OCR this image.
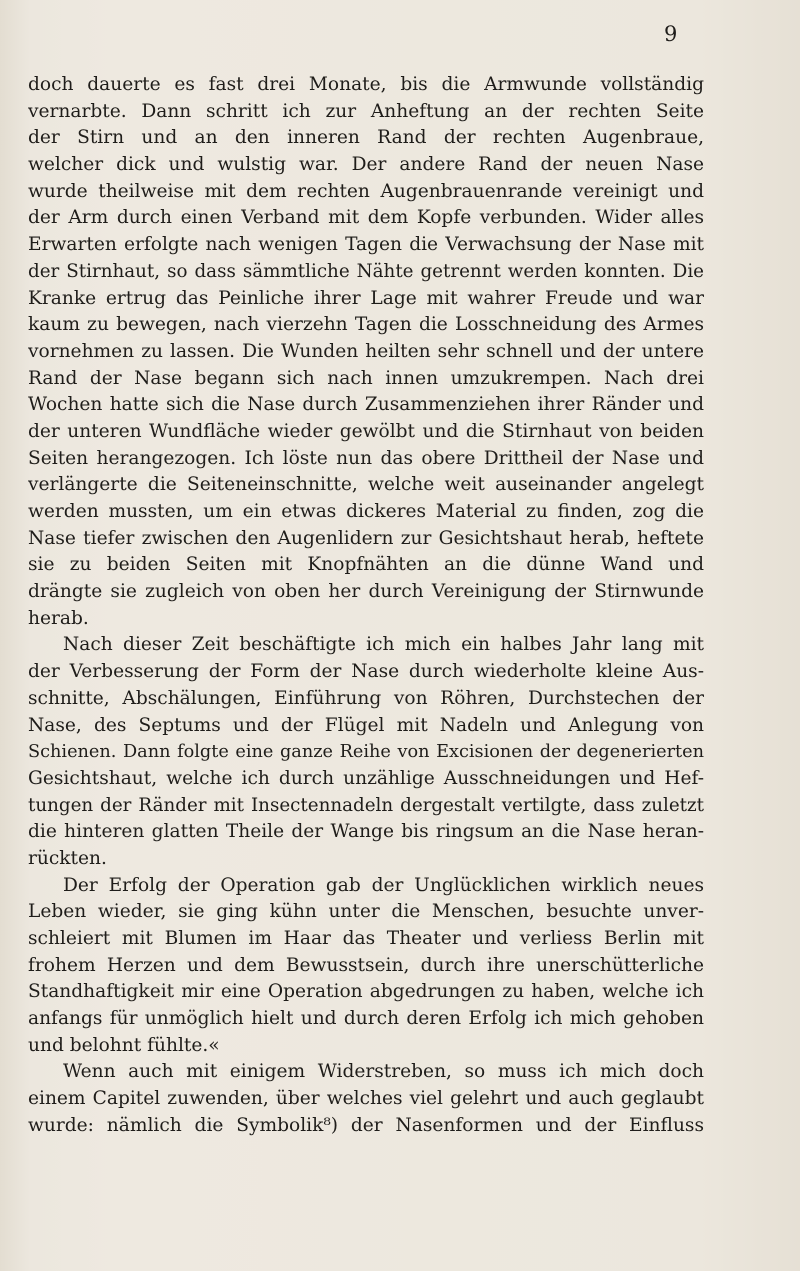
9
doch dauerte es fast drei Monate, bis die Armwunde vollständig
vernarbte. Dann schritt ich zur Anheftung an der rechten Seite
der Stirn und an den inneren Rand der rechten Augenbraue,
welcher dick und wulstig war. Der andere Rand der neuen Nase
wurde theilweise mit dem rechten Augenbrauenrande vereinigt und
der Arm durch einen Verband mit dem Kopfe verbunden. Wider alles
Erwarten erfolgte nach wenigen Tagen die Verwachsung der Nase mit
der Stirnhaut, so dass sämmtliche Nähte getrennt werden konnten. Die
Kranke ertrug das Peinliche ihrer Lage mit wahrer Freude und war
kaum zu bewegen, nach vierzehn Tagen die Losschneidung des Armes
vornehmen zu lassen. Die Wunden heilten sehr schnell und der untere
Rand der Nase begann sich nach innen umzukrempen. Nach drei
Wochen hatte sich die Nase durch Zusammenziehen ihrer Ränder und
der unteren Wundfläche wieder gewölbt und die Stirnhaut von beiden
Seiten herangezogen. Ich löste nun das obere Drittheil der Nase und
verlängerte die Seiteneinschnitte, welche weit auseinander angelegt
werden mussten, um ein etwas dickeres Material zu finden, zog die
Nase tiefer zwischen den Augenlidern zur Gesichtshaut herab, heftete
sie zu beiden Seiten mit Knopfnähten an die dünne Wand und
drängte sie zugleich von oben her durch Vereinigung der Stirnwunde
herab.
Nach dieser Zeit beschäftigte ich mich ein halbes Jahr lang mit
der Verbesserung der Form der Nase durch wiederholte kleine Aus-
schnitte, Abschälungen, Einführung von Röhren, Durchstechen der
Nase, des Septums und der Flügel mit Nadeln und Anlegung von
Schienen. Dann folgte eine ganze Reihe von Excisionen der degenerierten
Gesichtshaut, welche ich durch unzählige Ausschneidungen und Hef-
tungen der Ränder mit Insectennadeln dergestalt vertilgte, dass zuletzt
die hinteren glatten Theile der Wange bis ringsum an die Nase heran-
rückten.
Der Erfolg der Operation gab der Unglücklichen wirklich neues
Leben wieder, sie ging kühn unter die Menschen, besuchte unver-
schleiert mit Blumen im Haar das Theater und verliess Berlin mit
frohem Herzen und dem Bewusstsein, durch ihre unerschütterliche
Standhaftigkeit mir eine Operation abgedrungen zu haben, welche ich
anfangs für unmöglich hielt und durch deren Erfolg ich mich gehoben
und belohnt fühlte.«
Wenn auch mit einigem Widerstreben, so muss ich mich doch
einem Capitel zuwenden, über welches viel gelehrt und auch geglaubt
wurde: nämlich die Symbolik⁸) der Nasenformen und der Einfluss
